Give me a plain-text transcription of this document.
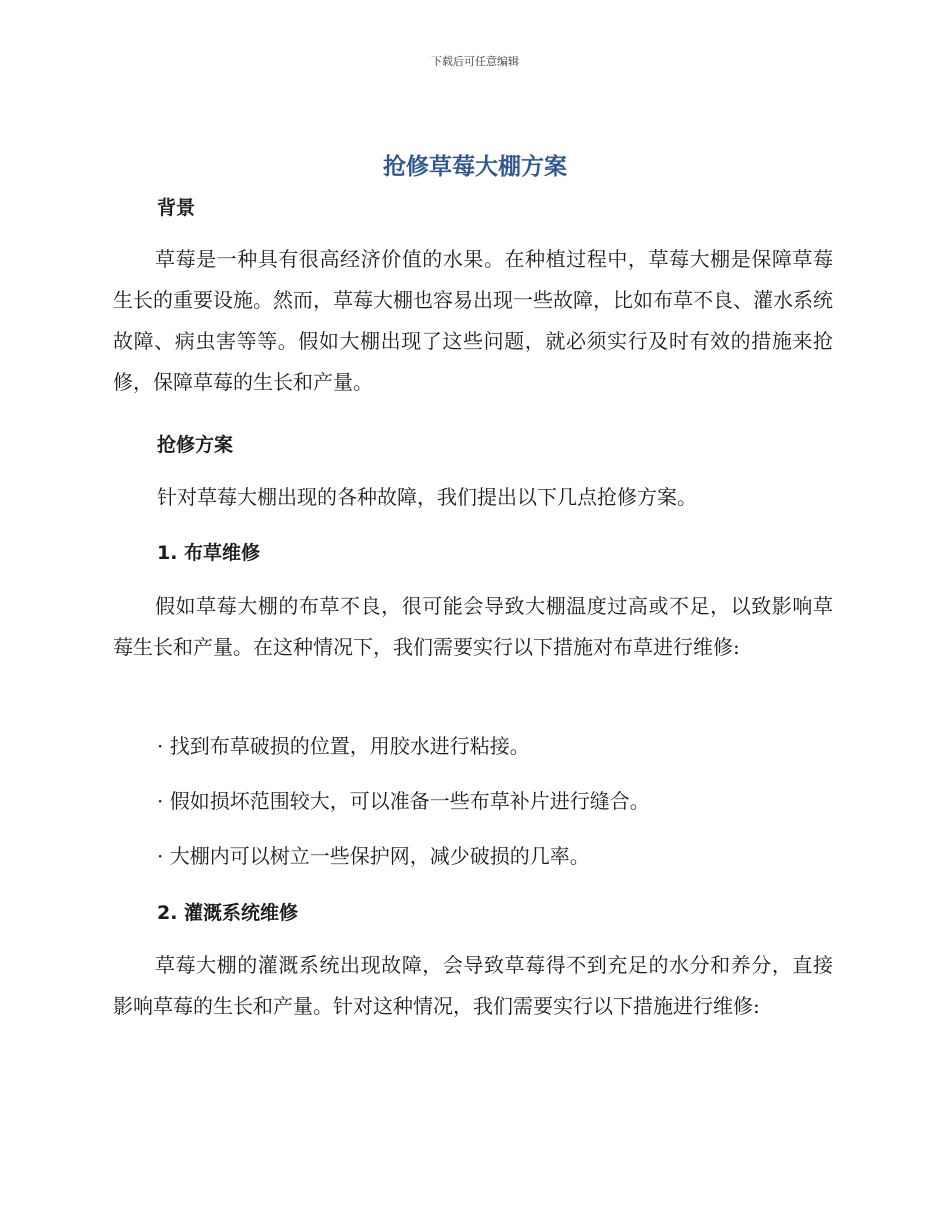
下载后可任意编辑
抢修草莓大棚方案
背景

草莓是一种具有很高经济价值的水果。在种植过程中，草莓大棚是保障草莓生长的重要设施。然而，草莓大棚也容易出现一些故障，比如布草不良、灌水系统故障、病虫害等等。假如大棚出现了这些问题，就必须实行及时有效的措施来抢修，保障草莓的生长和产量。

抢修方案
针对草莓大棚出现的各种故障，我们提出以下几点抢修方案。
1. 布草维修

假如草莓大棚的布草不良，很可能会导致大棚温度过高或不足，以致影响草莓生长和产量。在这种情况下，我们需要实行以下措施对布草进行维修:

· 找到布草破损的位置，用胶水进行粘接。
· 假如损坏范围较大，可以准备一些布草补片进行缝合。
· 大棚内可以树立一些保护网，减少破损的几率。
2. 灌溉系统维修

草莓大棚的灌溉系统出现故障，会导致草莓得不到充足的水分和养分，直接影响草莓的生长和产量。针对这种情况，我们需要实行以下措施进行维修:
